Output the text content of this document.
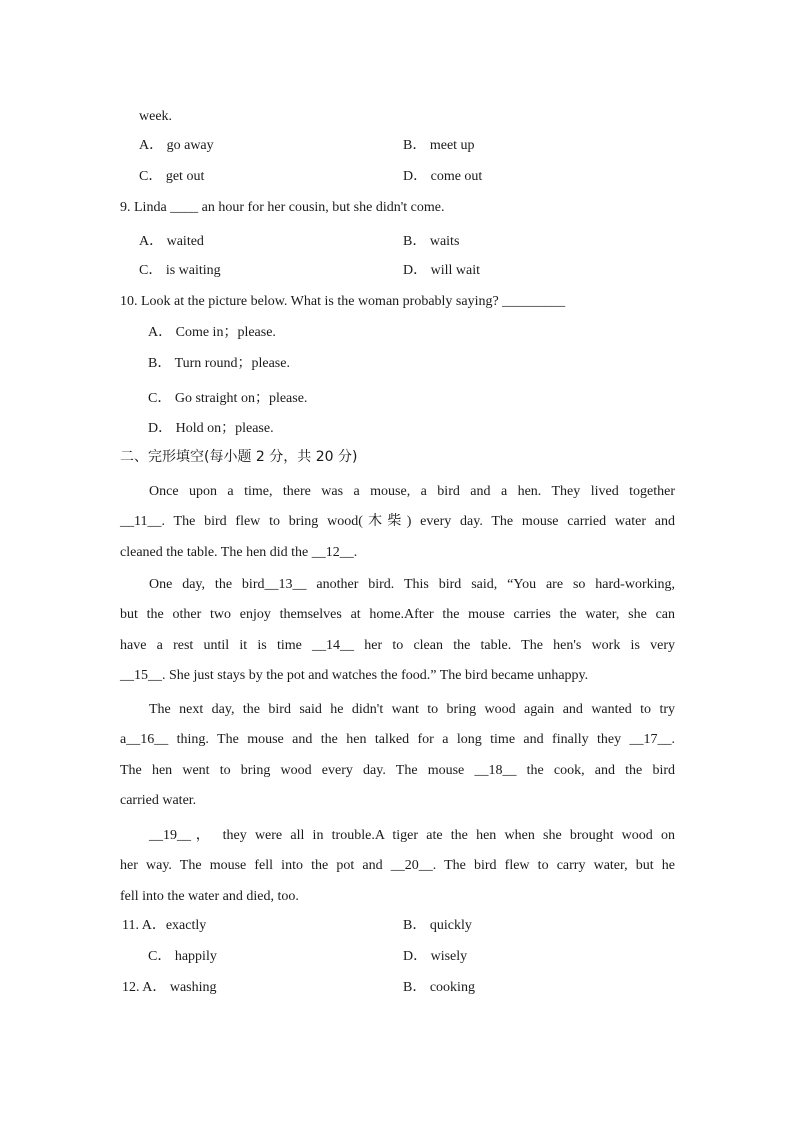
week.
A． go away	B． meet up
C． get out	D． come out
9. Linda ____ an hour for her cousin, but she didn't come.
A． waited	B． waits
C． is waiting	D． will wait
10. Look at the picture below. What is the woman probably saying? _________
A． Come in；please.
B． Turn round；please.
C． Go straight on；please.
D． Hold on；please.
二、完形填空(每小题 2 分，共 20 分)
Once upon a time, there was a mouse, a bird and a hen. They lived together
__11__. The bird flew to bring wood(木柴) every day. The mouse carried water and
cleaned the table. The hen did the __12__.
One day, the bird__13__ another bird. This bird said, “You are so hard-working,
but the other two enjoy themselves at home.After the mouse carries the water, she can
have a rest until it is time __14__ her to clean the table. The hen's work is very
__15__. She just stays by the pot and watches the food.” The bird became unhappy.
The next day, the bird said he didn't want to bring wood again and wanted to try
a__16__ thing. The mouse and the hen talked for a long time and finally they __17__.
The hen went to bring wood every day. The mouse __18__ the cook, and the bird
carried water.
__19__， they were all in trouble.A tiger ate the hen when she brought wood on
her way. The mouse fell into the pot and __20__. The bird flew to carry water, but he
fell into the water and died, too.
11. A．exactly	B． quickly
C． happily	D． wisely
12. A． washing	B． cooking
